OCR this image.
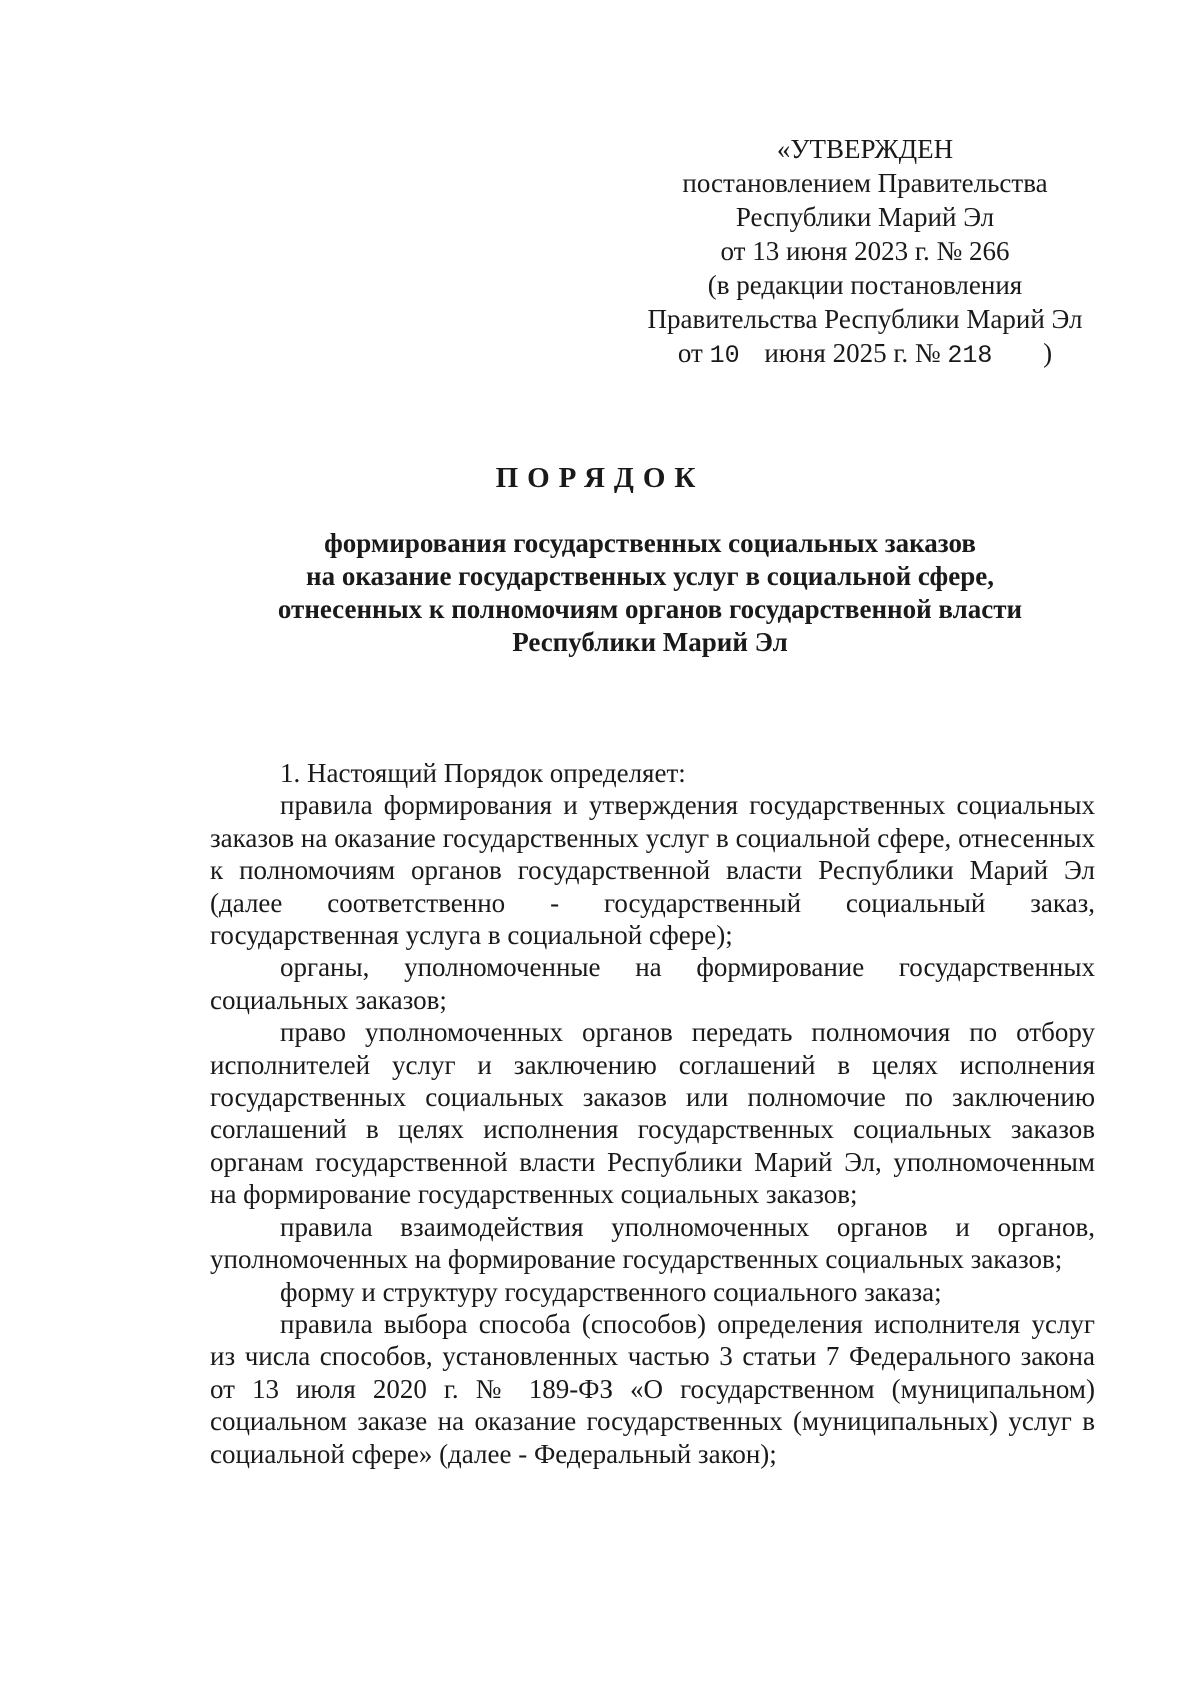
«УТВЕРЖДЕН
постановлением Правительства
Республики Марий Эл
от 13 июня 2023 г. № 266
(в редакции постановления
Правительства Республики Марий Эл
от 10 июня 2025 г. № 218 )
ПОРЯДОК
формирования государственных социальных заказов
на оказание государственных услуг в социальной сфере,
отнесенных к полномочиям органов государственной власти
Республики Марий Эл

1. Настоящий Порядок определяет:

правила формирования и утверждения государственных социальных заказов на оказание государственных услуг в социальной сфере, отнесенных к полномочиям органов государственной власти Республики Марий Эл (далее соответственно - государственный социальный заказ, государственная услуга в социальной сфере);

органы, уполномоченные на формирование государственных социальных заказов;

право уполномоченных органов передать полномочия по отбору исполнителей услуг и заключению соглашений в целях исполнения государственных социальных заказов или полномочие по заключению соглашений в целях исполнения государственных социальных заказов органам государственной власти Республики Марий Эл, уполномоченным на формирование государственных социальных заказов;

правила взаимодействия уполномоченных органов и органов, уполномоченных на формирование государственных социальных заказов;

форму и структуру государственного социального заказа;

правила выбора способа (способов) определения исполнителя услуг из числа способов, установленных частью 3 статьи 7 Федерального закона от 13 июля 2020 г. № 189-ФЗ «О государственном (муниципальном) социальном заказе на оказание государственных (муниципальных) услуг в социальной сфере» (далее - Федеральный закон);
